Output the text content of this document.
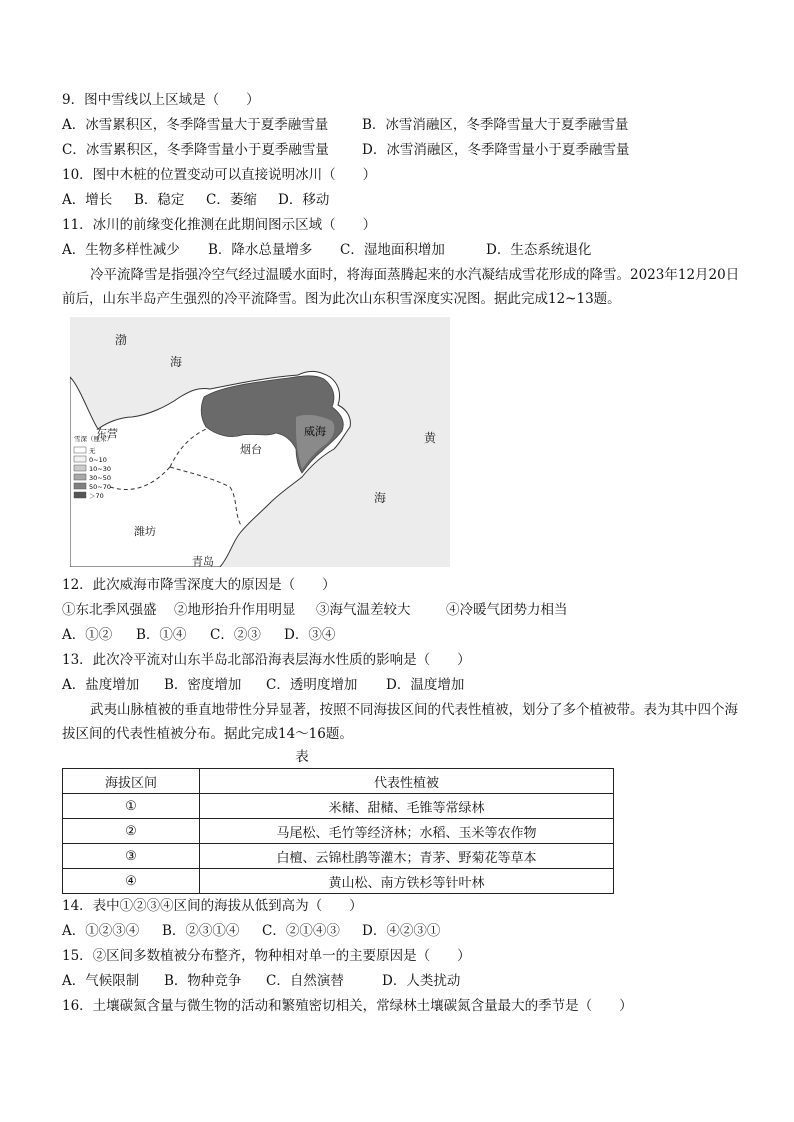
9．图中雪线以上区域是（　　）
A．冰雪累积区，冬季降雪量大于夏季融雪量	B．冰雪消融区，冬季降雪量大于夏季融雪量
C．冰雪累积区，冬季降雪量小于夏季融雪量	D．冰雪消融区，冬季降雪量小于夏季融雪量
10．图中木桩的位置变动可以直接说明冰川（　　）
A．增长	B．稳定	C．萎缩	D．移动
11．冰川的前缘变化推测在此期间图示区域（　　）
A．生物多样性减少	B．降水总量增多	C．湿地面积增加	D．生态系统退化
冷平流降雪是指强冷空气经过温暖水面时，将海面蒸腾起来的水汽凝结成雪花形成的降雪。2023年12月20日前后，山东半岛产生强烈的冷平流降雪。图为此次山东积雪深度实况图。据此完成12~13题。
雪深（厘米）
无
0~10
10~30
30~50
50~70
＞70
渤
海
黄
海
东营
烟台
威海
潍坊
青岛
12．此次威海市降雪深度大的原因是（　　）
①东北季风强盛	②地形抬升作用明显	③海气温差较大	④冷暖气团势力相当
A．①②	B．①④	C．②③	D．③④
13．此次冷平流对山东半岛北部沿海表层海水性质的影响是（　　）
A．盐度增加	B．密度增加	C．透明度增加	D．温度增加
武夷山脉植被的垂直地带性分异显著，按照不同海拔区间的代表性植被，划分了多个植被带。表为其中四个海拔区间的代表性植被分布。据此完成14～16题。
表
海拔区间	代表性植被
①	米槠、甜槠、毛锥等常绿林
②	马尾松、毛竹等经济林；水稻、玉米等农作物
③	白檀、云锦杜鹃等灌木；青茅、野菊花等草本
④	黄山松、南方铁杉等针叶林
14．表中①②③④区间的海拔从低到高为（　　）
A．①②③④	B．②③①④	C．②①④③	D．④②③①
15．②区间多数植被分布整齐，物种相对单一的主要原因是（　　）
A．气候限制	B．物种竞争	C．自然演替	D．人类扰动
16．土壤碳氮含量与微生物的活动和繁殖密切相关，常绿林土壤碳氮含量最大的季节是（　　）
